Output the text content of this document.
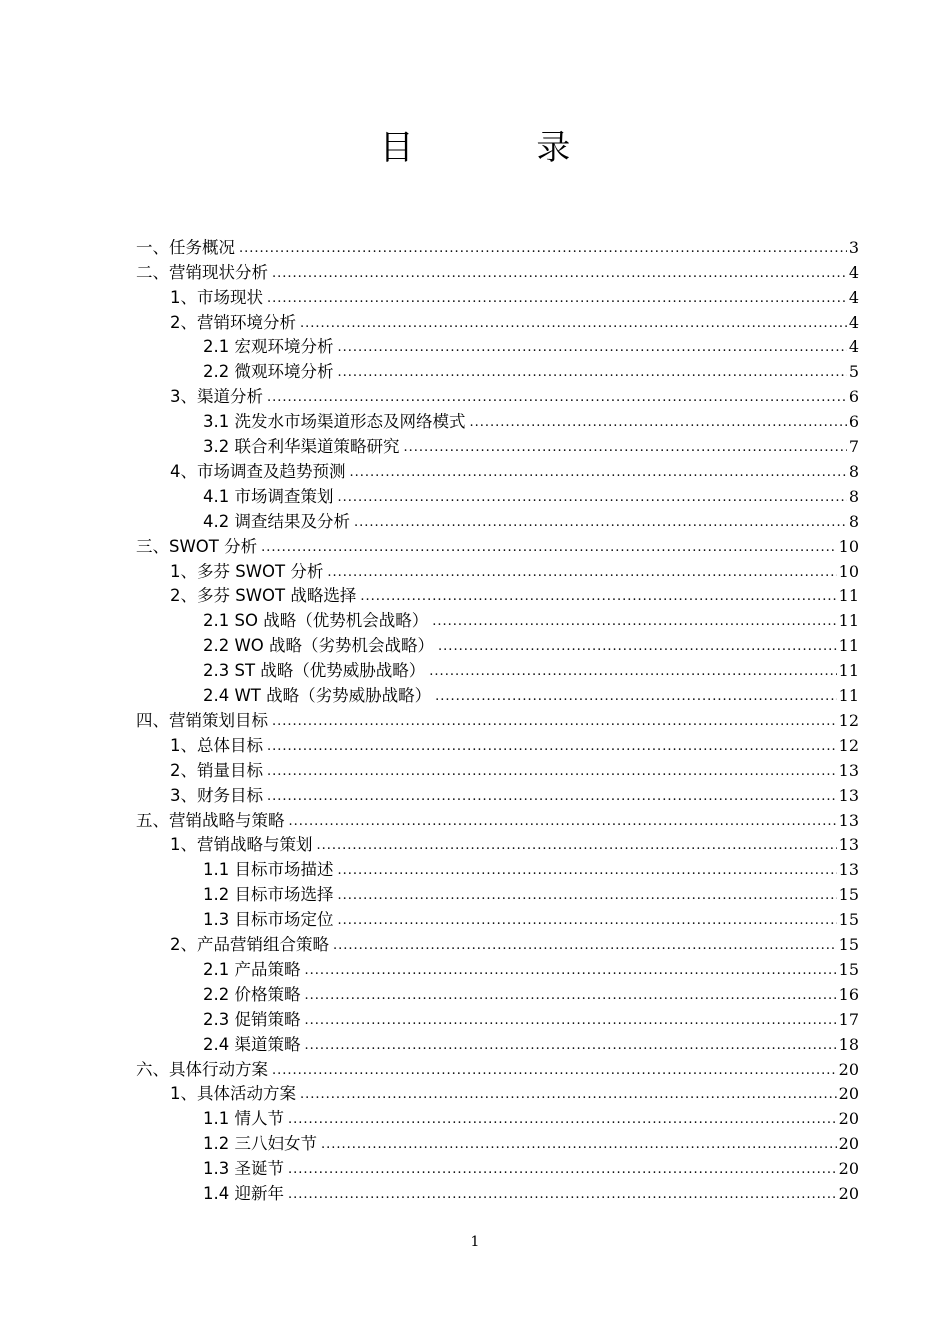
目 录
一、任务概况 .....	3
二、营销现状分析 .....	4
1、市场现状 .....	4
2、营销环境分析 .....	4
2.1 宏观环境分析 .....	4
2.2 微观环境分析 .....	5
3、渠道分析 .....	6
3.1 洗发水市场渠道形态及网络模式 .....	6
3.2 联合利华渠道策略研究 .....	7
4、市场调查及趋势预测 .....	8
4.1 市场调查策划 .....	8
4.2 调查结果及分析 .....	8
三、SWOT 分析 .....	10
1、多芬 SWOT 分析 .....	10
2、多芬 SWOT 战略选择 .....	11
2.1 SO 战略（优势机会战略） .....	11
2.2 WO 战略（劣势机会战略） .....	11
2.3 ST 战略（优势威胁战略） .....	11
2.4 WT 战略（劣势威胁战略） .....	11
四、营销策划目标 .....	12
1、总体目标 .....	12
2、销量目标 .....	13
3、财务目标 .....	13
五、营销战略与策略 .....	13
1、营销战略与策划 .....	13
1.1 目标市场描述 .....	13
1.2 目标市场选择 .....	15
1.3 目标市场定位 .....	15
2、产品营销组合策略 .....	15
2.1 产品策略 .....	15
2.2 价格策略 .....	16
2.3 促销策略 .....	17
2.4 渠道策略 .....	18
六、具体行动方案 .....	20
1、具体活动方案 .....	20
1.1 情人节 .....	20
1.2 三八妇女节 .....	20
1.3 圣诞节 .....	20
1.4 迎新年 .....	20
1
